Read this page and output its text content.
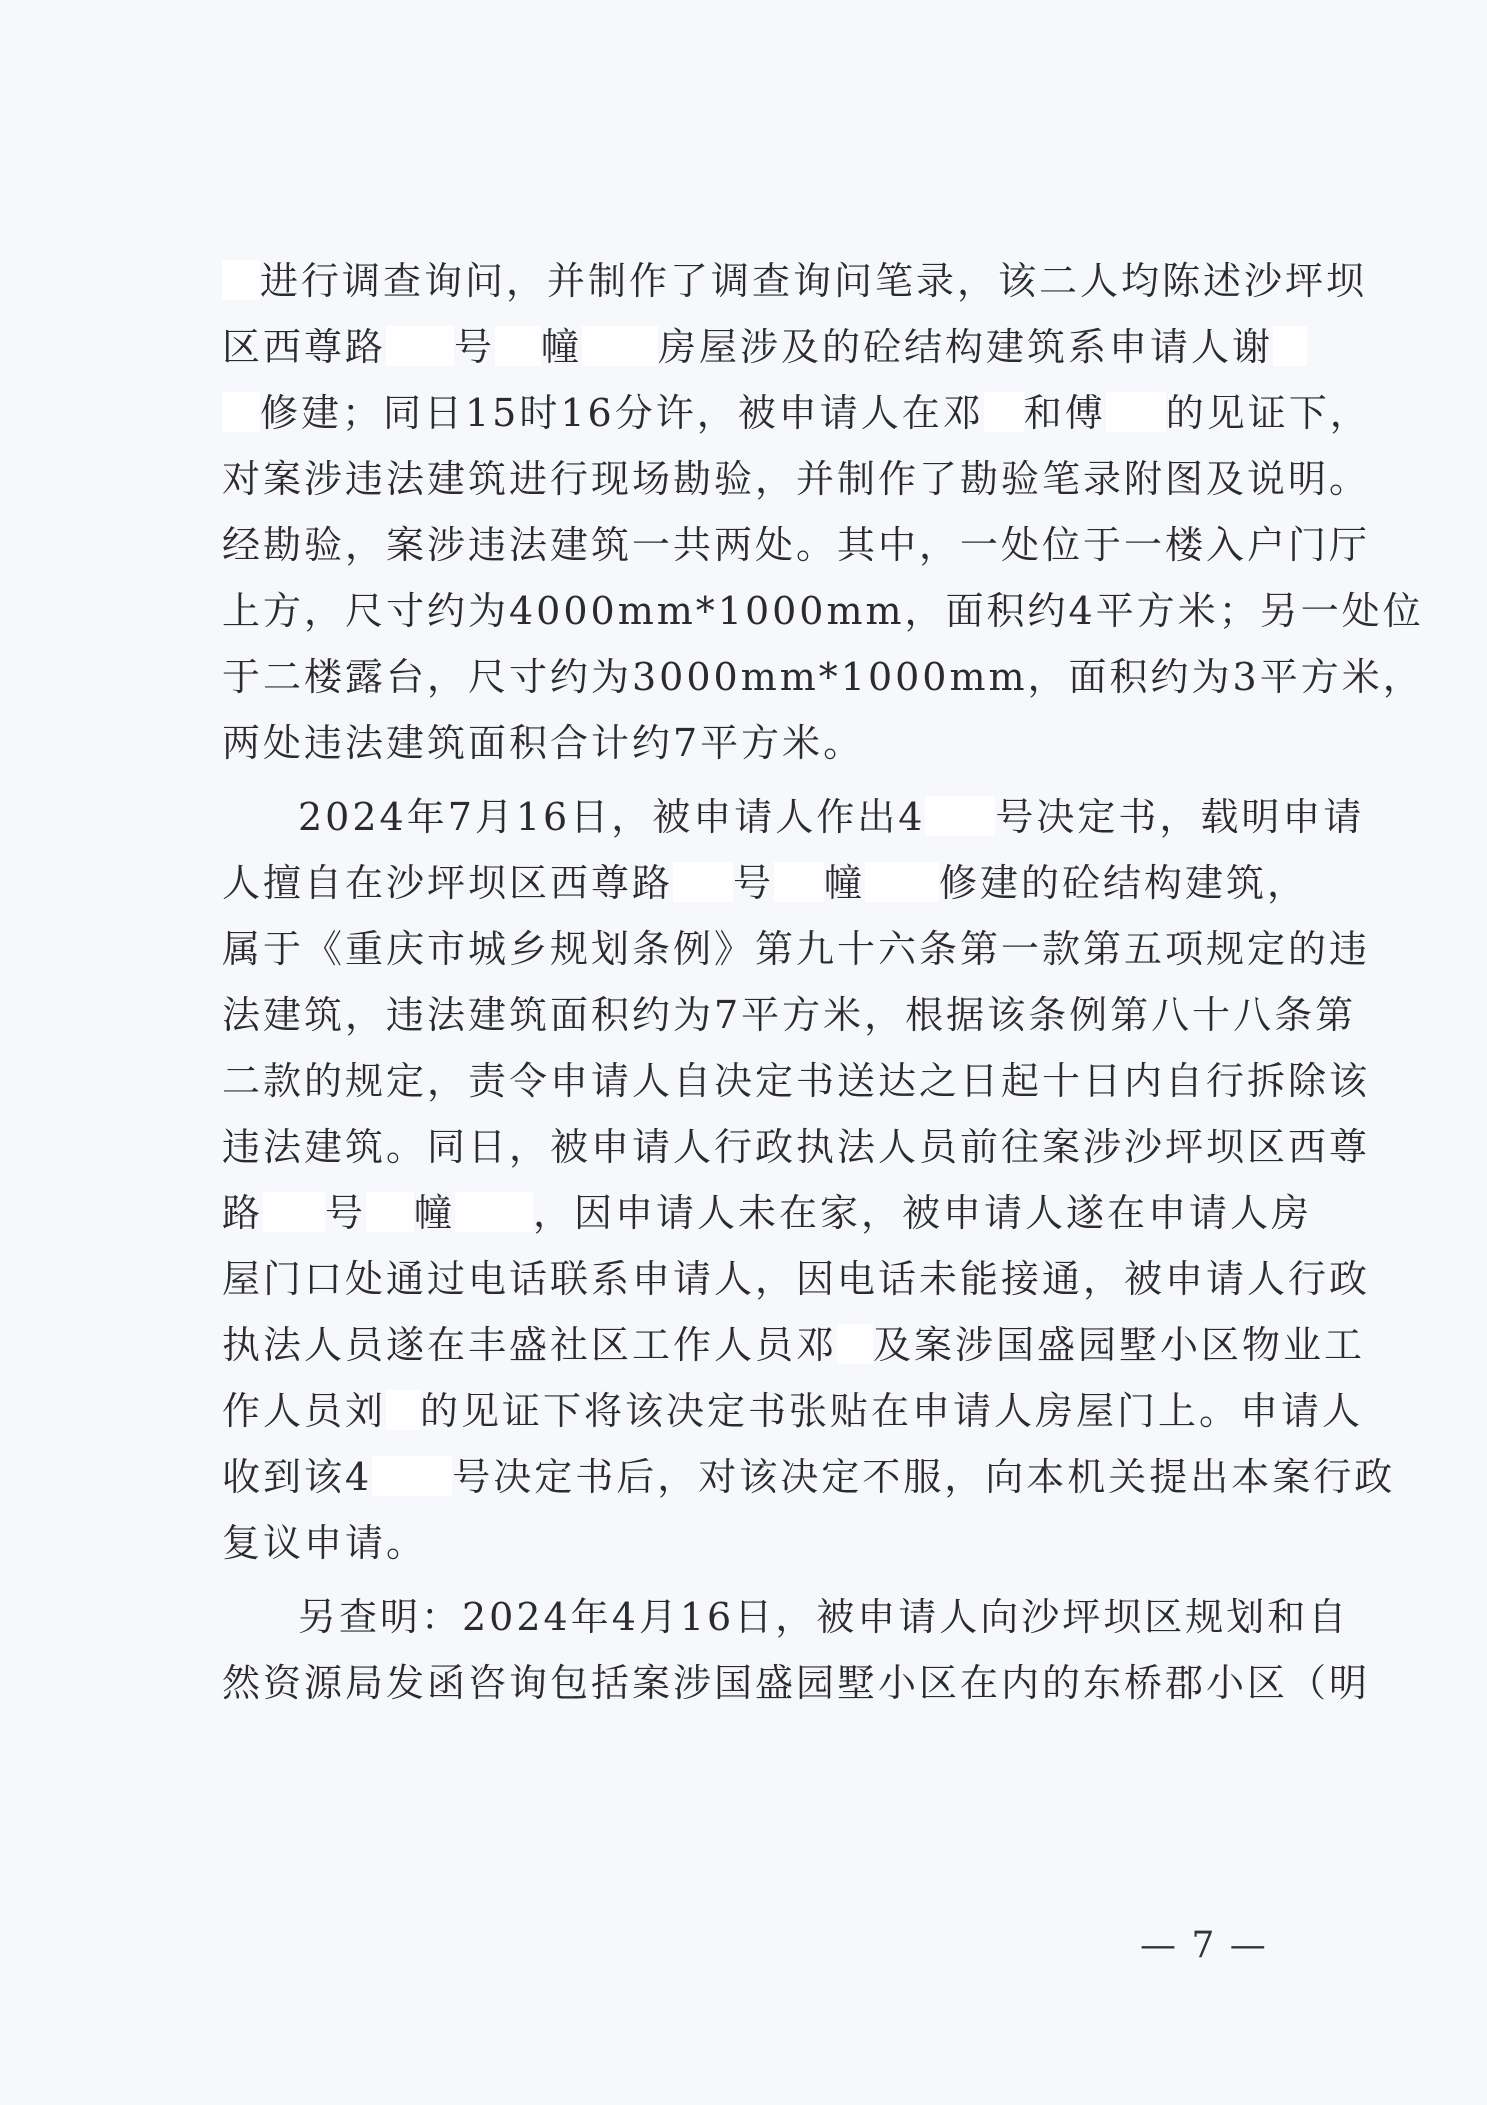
进行调查询问，并制作了调查询问笔录，该二人均陈述沙坪坝
区西尊路 号 幢 房屋涉及的砼结构建筑系申请人谢
修建；同日15时16分许，被申请人在邓 和傅 的见证下，
对案涉违法建筑进行现场勘验，并制作了勘验笔录附图及说明。
经勘验，案涉违法建筑一共两处。其中，一处位于一楼入户门厅
上方，尺寸约为4000mm*1000mm，面积约4平方米；另一处位
于二楼露台，尺寸约为3000mm*1000mm，面积约为3平方米，
两处违法建筑面积合计约7平方米。
2024年7月16日，被申请人作出4 号决定书，载明申请
人擅自在沙坪坝区西尊路 号 幢 修建的砼结构建筑，
属于《重庆市城乡规划条例》第九十六条第一款第五项规定的违
法建筑，违法建筑面积约为7平方米，根据该条例第八十八条第
二款的规定，责令申请人自决定书送达之日起十日内自行拆除该
违法建筑。同日，被申请人行政执法人员前往案涉沙坪坝区西尊
路 号 幢 ，因申请人未在家，被申请人遂在申请人房
屋门口处通过电话联系申请人，因电话未能接通，被申请人行政
执法人员遂在丰盛社区工作人员邓 及案涉国盛园墅小区物业工
作人员刘 的见证下将该决定书张贴在申请人房屋门上。申请人
收到该4 号决定书后，对该决定不服，向本机关提出本案行政
复议申请。
另查明：2024年4月16日，被申请人向沙坪坝区规划和自
然资源局发函咨询包括案涉国盛园墅小区在内的东桥郡小区（明
— 7 —
